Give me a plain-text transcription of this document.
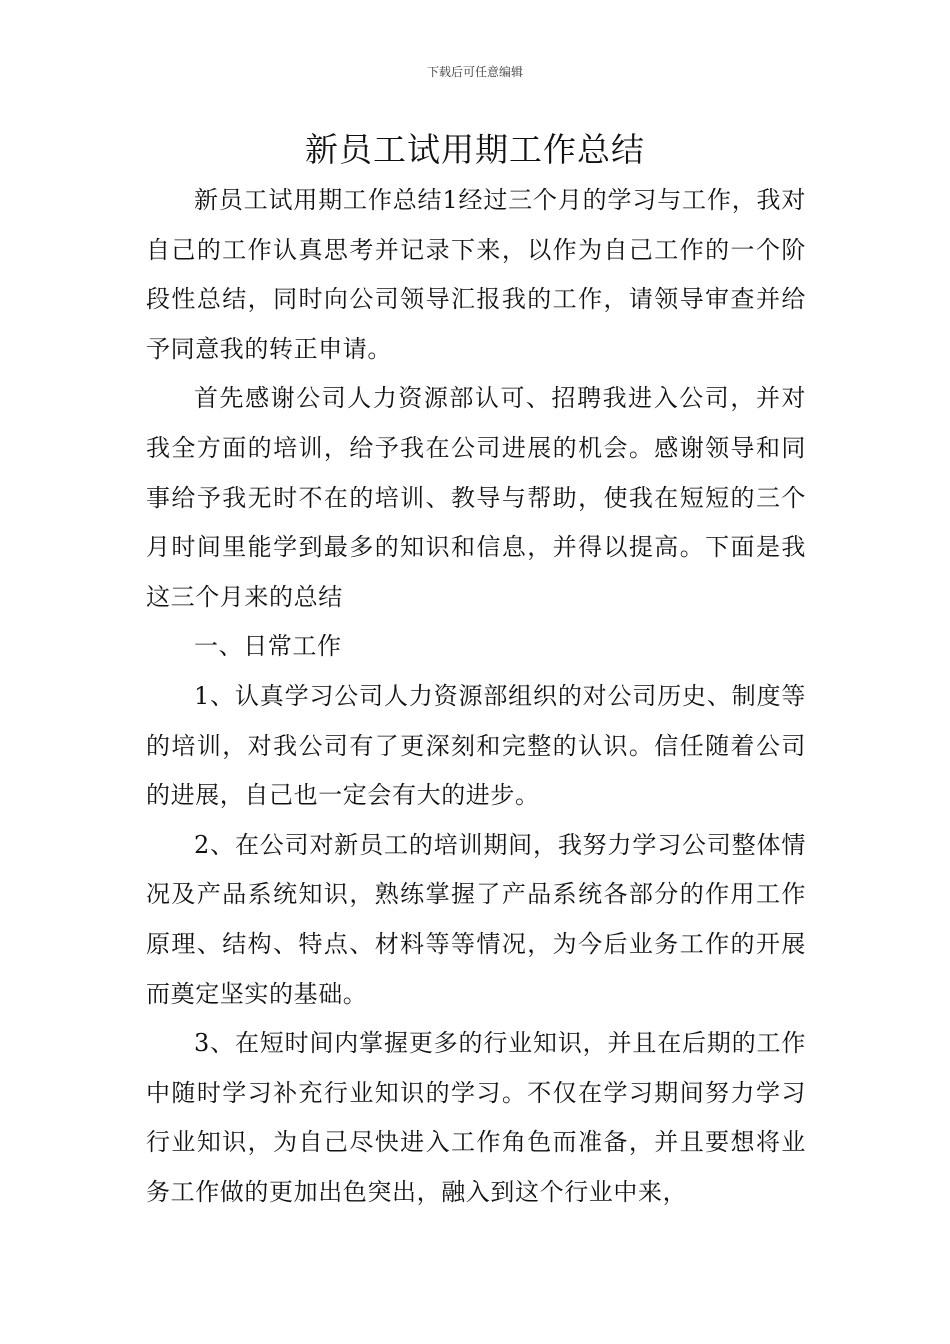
下载后可任意编辑
新员工试用期工作总结

新员工试用期工作总结1经过三个月的学习与工作，我对自己的工作认真思考并记录下来，以作为自己工作的一个阶段性总结，同时向公司领导汇报我的工作，请领导审查并给予同意我的转正申请。

首先感谢公司人力资源部认可、招聘我进入公司，并对我全方面的培训，给予我在公司进展的机会。感谢领导和同事给予我无时不在的培训、教导与帮助，使我在短短的三个月时间里能学到最多的知识和信息，并得以提高。下面是我这三个月来的总结

一、日常工作

1、认真学习公司人力资源部组织的对公司历史、制度等的培训，对我公司有了更深刻和完整的认识。信任随着公司的进展，自己也一定会有大的进步。

2、在公司对新员工的培训期间，我努力学习公司整体情况及产品系统知识，熟练掌握了产品系统各部分的作用工作原理、结构、特点、材料等等情况，为今后业务工作的开展而奠定坚实的基础。

3、在短时间内掌握更多的行业知识，并且在后期的工作中随时学习补充行业知识的学习。不仅在学习期间努力学习行业知识，为自己尽快进入工作角色而准备，并且要想将业务工作做的更加出色突出，融入到这个行业中来，
